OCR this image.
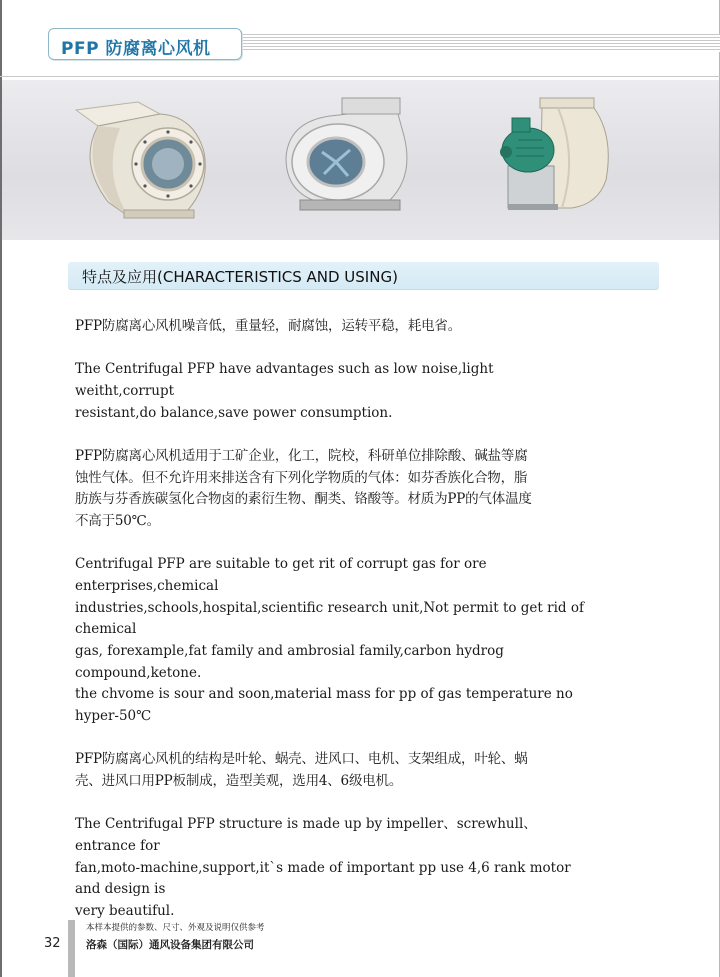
PFP 防腐离心风机
特点及应用(CHARACTERISTICS AND USING)

PFP防腐离心风机噪音低，重量轻，耐腐蚀，运转平稳，耗电省。

The Centrifugal PFP have advantages such as low noise,light weitht,corrupt
resistant,do balance,save power consumption.

PFP防腐离心风机适用于工矿企业，化工，院校，科研单位排除酸、碱盐等腐
蚀性气体。但不允许用来排送含有下列化学物质的气体：如芬香族化合物，脂
肪族与芬香族碳氢化合物卤的素衍生物、酮类、铬酸等。材质为PP的气体温度
不高于50℃。

Centrifugal PFP are suitable to get rit of corrupt gas for ore enterprises,chemical
industries,schools,hospital,scientific research unit,Not permit to get rid of chemical
gas, forexample,fat family and ambrosial family,carbon hydrog compound,ketone.
the chvome is sour and soon,material mass for pp of gas temperature no hyper-50℃

PFP防腐离心风机的结构是叶轮、蜗壳、进风口、电机、支架组成，叶轮、蜗
壳、进风口用PP板制成，造型美观，选用4、6级电机。

The Centrifugal PFP structure is made up by impeller、screwhull、entrance for
fan,moto-machine,support,it`s made of important pp use 4,6 rank motor and design is
very beautiful.

32
本样本提供的参数、尺寸、外观及说明仅供参考
洛森（国际）通风设备集团有限公司
